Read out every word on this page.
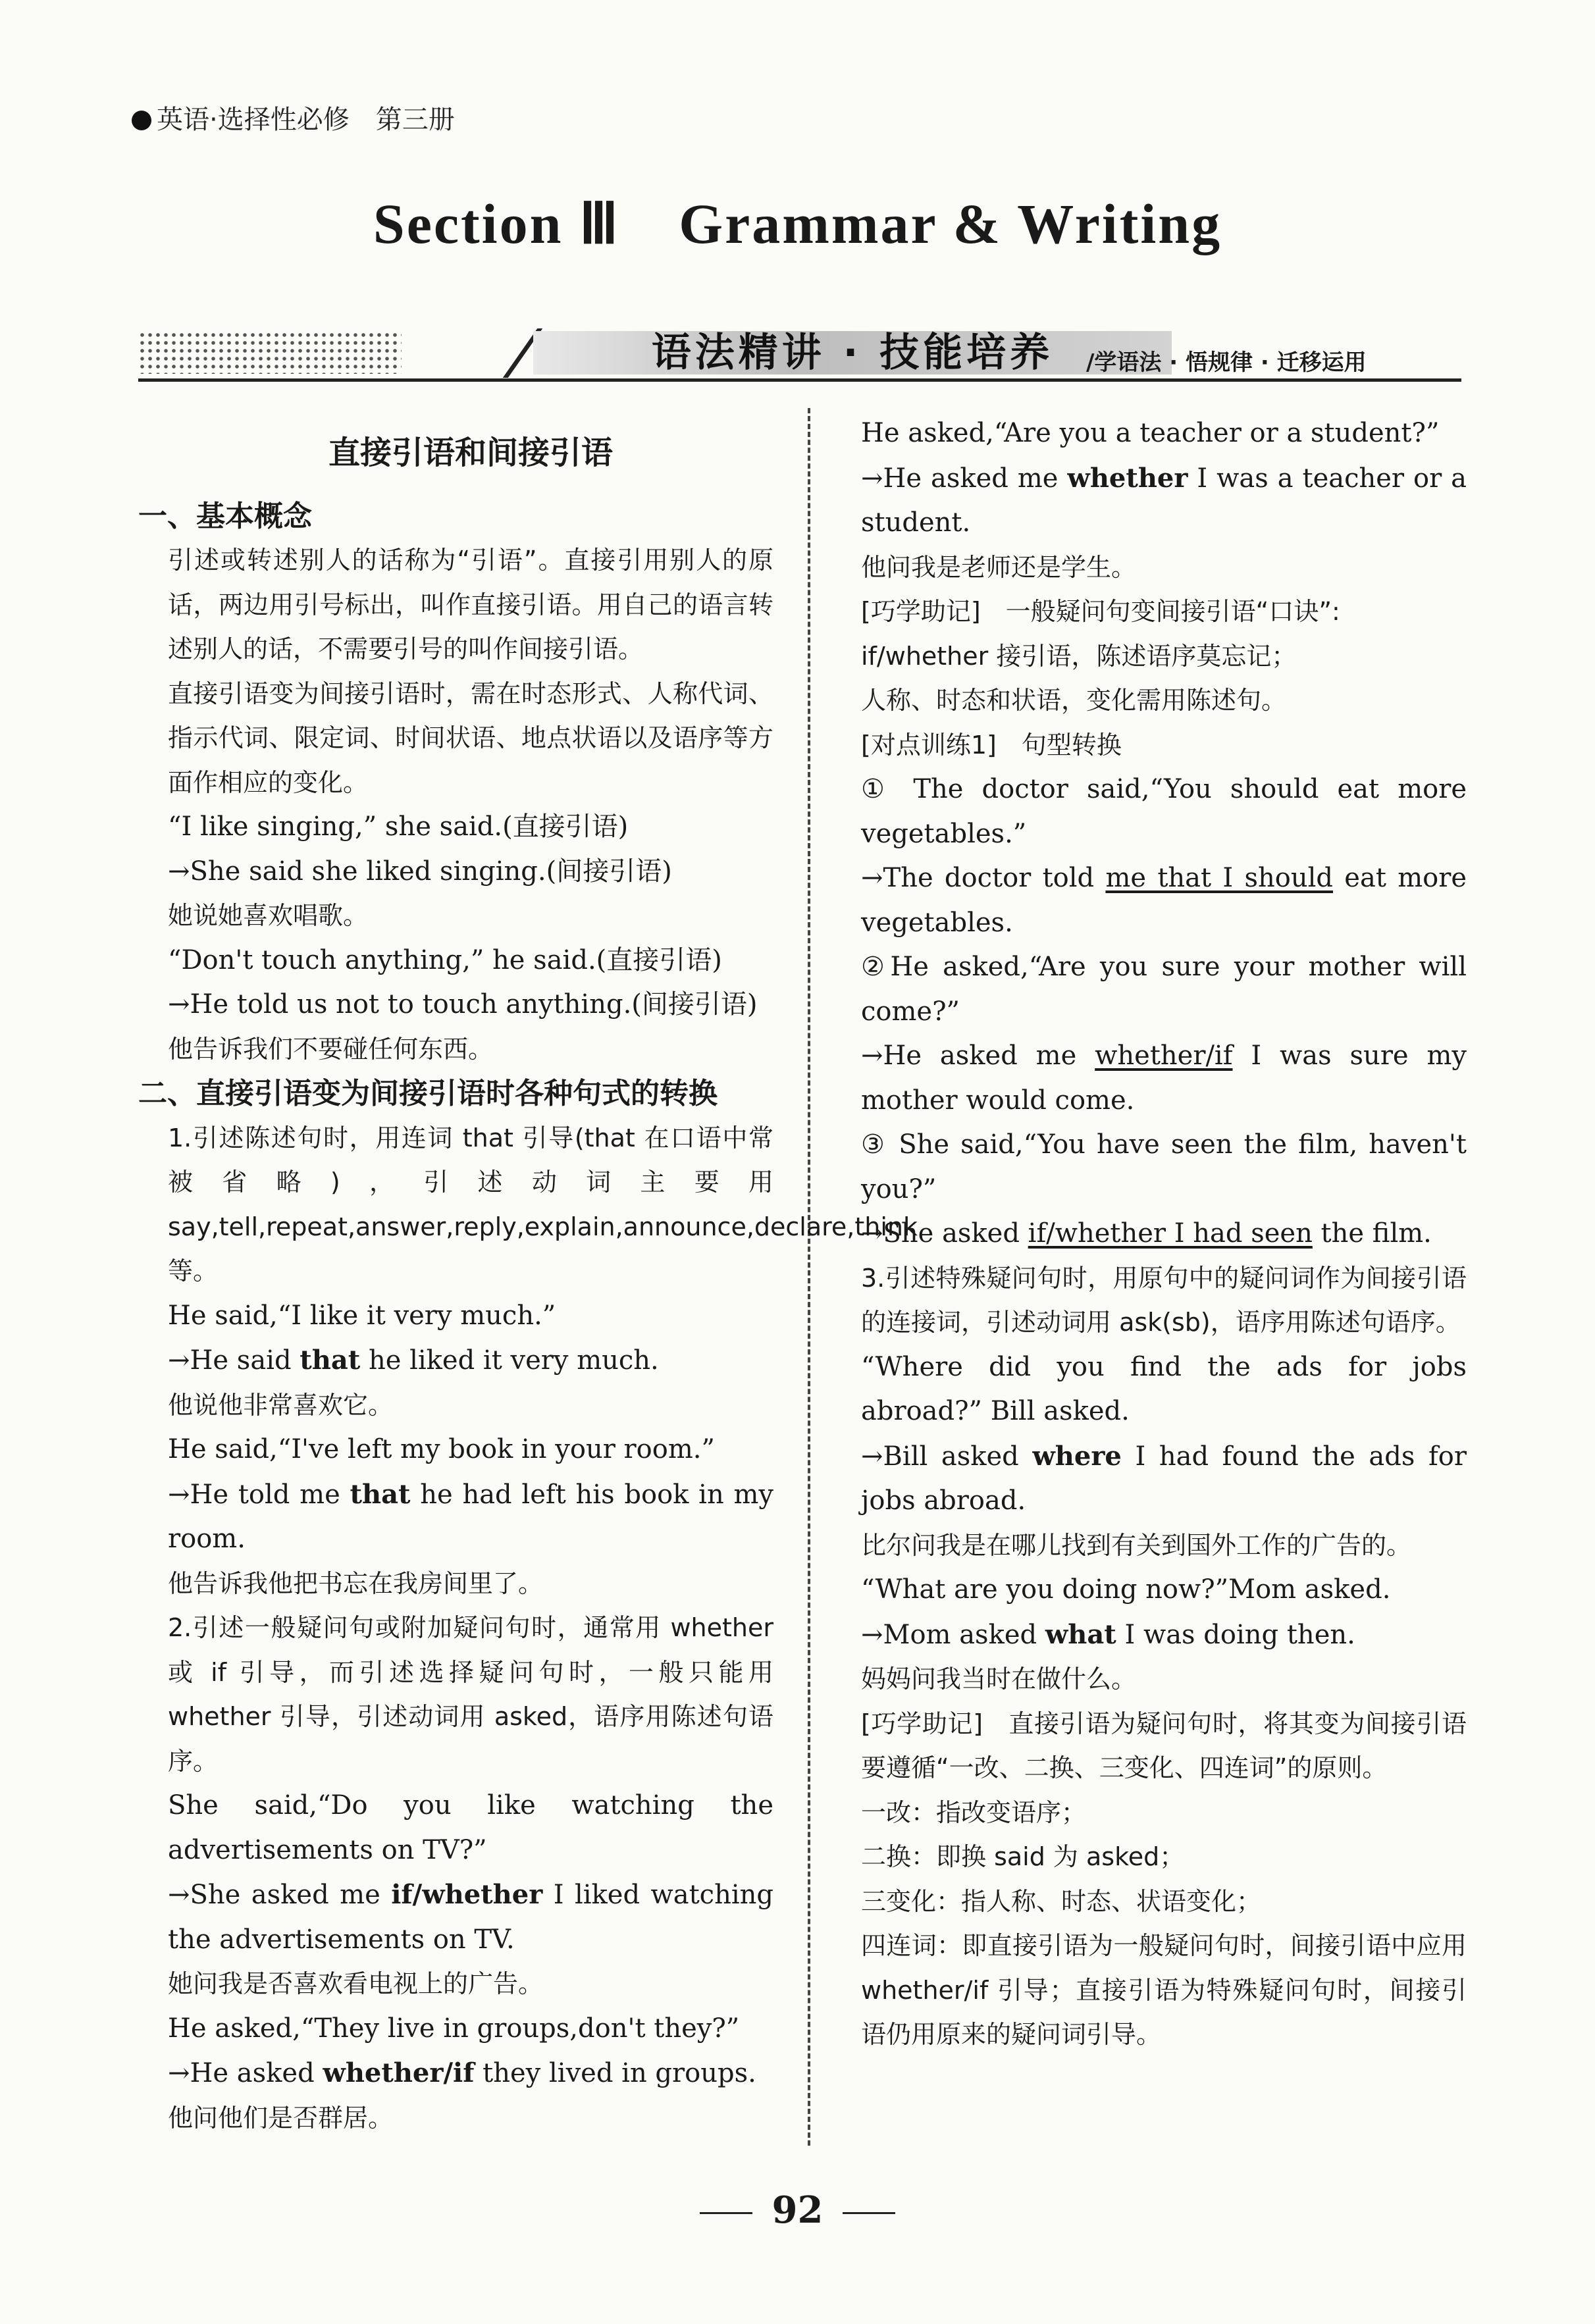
英语·选择性必修　第三册
Section Ⅲ　Grammar & Writing
语法精讲 · 技能培养	/学语法 · 悟规律 · 迁移运用

直接引语和间接引语

一、基本概念

引述或转述别人的话称为“引语”。直接引用别人的原话，两边用引号标出，叫作直接引语。用自己的语言转述别人的话，不需要引号的叫作间接引语。

直接引语变为间接引语时，需在时态形式、人称代词、指示代词、限定词、时间状语、地点状语以及语序等方面作相应的变化。

“I like singing,” she said.(直接引语)

→She said she liked singing.(间接引语)

她说她喜欢唱歌。

“Don't touch anything,” he said.(直接引语)

→He told us not to touch anything.(间接引语)

他告诉我们不要碰任何东西。

二、直接引语变为间接引语时各种句式的转换

1.引述陈述句时，用连词 that 引导(that 在口语中常被省略)，引述动词主要用 say,tell,repeat,answer,reply,explain,announce,declare,think 等。

He said,“I like it very much.”

→He said that he liked it very much.

他说他非常喜欢它。

He said,“I've left my book in your room.”

→He told me that he had left his book in my room.

他告诉我他把书忘在我房间里了。

2.引述一般疑问句或附加疑问句时，通常用 whether 或 if 引导，而引述选择疑问句时，一般只能用 whether 引导，引述动词用 asked，语序用陈述句语序。

She said,“Do you like watching the advertisements on TV?”

→She asked me if/whether I liked watching the advertisements on TV.

她问我是否喜欢看电视上的广告。

He asked,“They live in groups,don't they?”

→He asked whether/if they lived in groups.

他问他们是否群居。

He asked,“Are you a teacher or a student?”

→He asked me whether I was a teacher or a student.

他问我是老师还是学生。

[巧学助记]　一般疑问句变间接引语“口诀”:

if/whether 接引语，陈述语序莫忘记；

人称、时态和状语，变化需用陈述句。

[对点训练1]　句型转换

① The doctor said,“You should eat more vegetables.”

→The doctor told me that I should eat more vegetables.

②He asked,“Are you sure your mother will come?”

→He asked me whether/if I was sure my mother would come.

③ She said,“You have seen the film, haven't you?”

→She asked if/whether I had seen the film.

3.引述特殊疑问句时，用原句中的疑问词作为间接引语的连接词，引述动词用 ask(sb)，语序用陈述句语序。

“Where did you find the ads for jobs abroad?” Bill asked.

→Bill asked where I had found the ads for jobs abroad.

比尔问我是在哪儿找到有关到国外工作的广告的。

“What are you doing now?”Mom asked.

→Mom asked what I was doing then.

妈妈问我当时在做什么。

[巧学助记]　直接引语为疑问句时，将其变为间接引语要遵循“一改、二换、三变化、四连词”的原则。

一改：指改变语序；

二换：即换 said 为 asked；

三变化：指人称、时态、状语变化；

四连词：即直接引语为一般疑问句时，间接引语中应用 whether/if 引导；直接引语为特殊疑问句时，间接引语仍用原来的疑问词引导。

92
